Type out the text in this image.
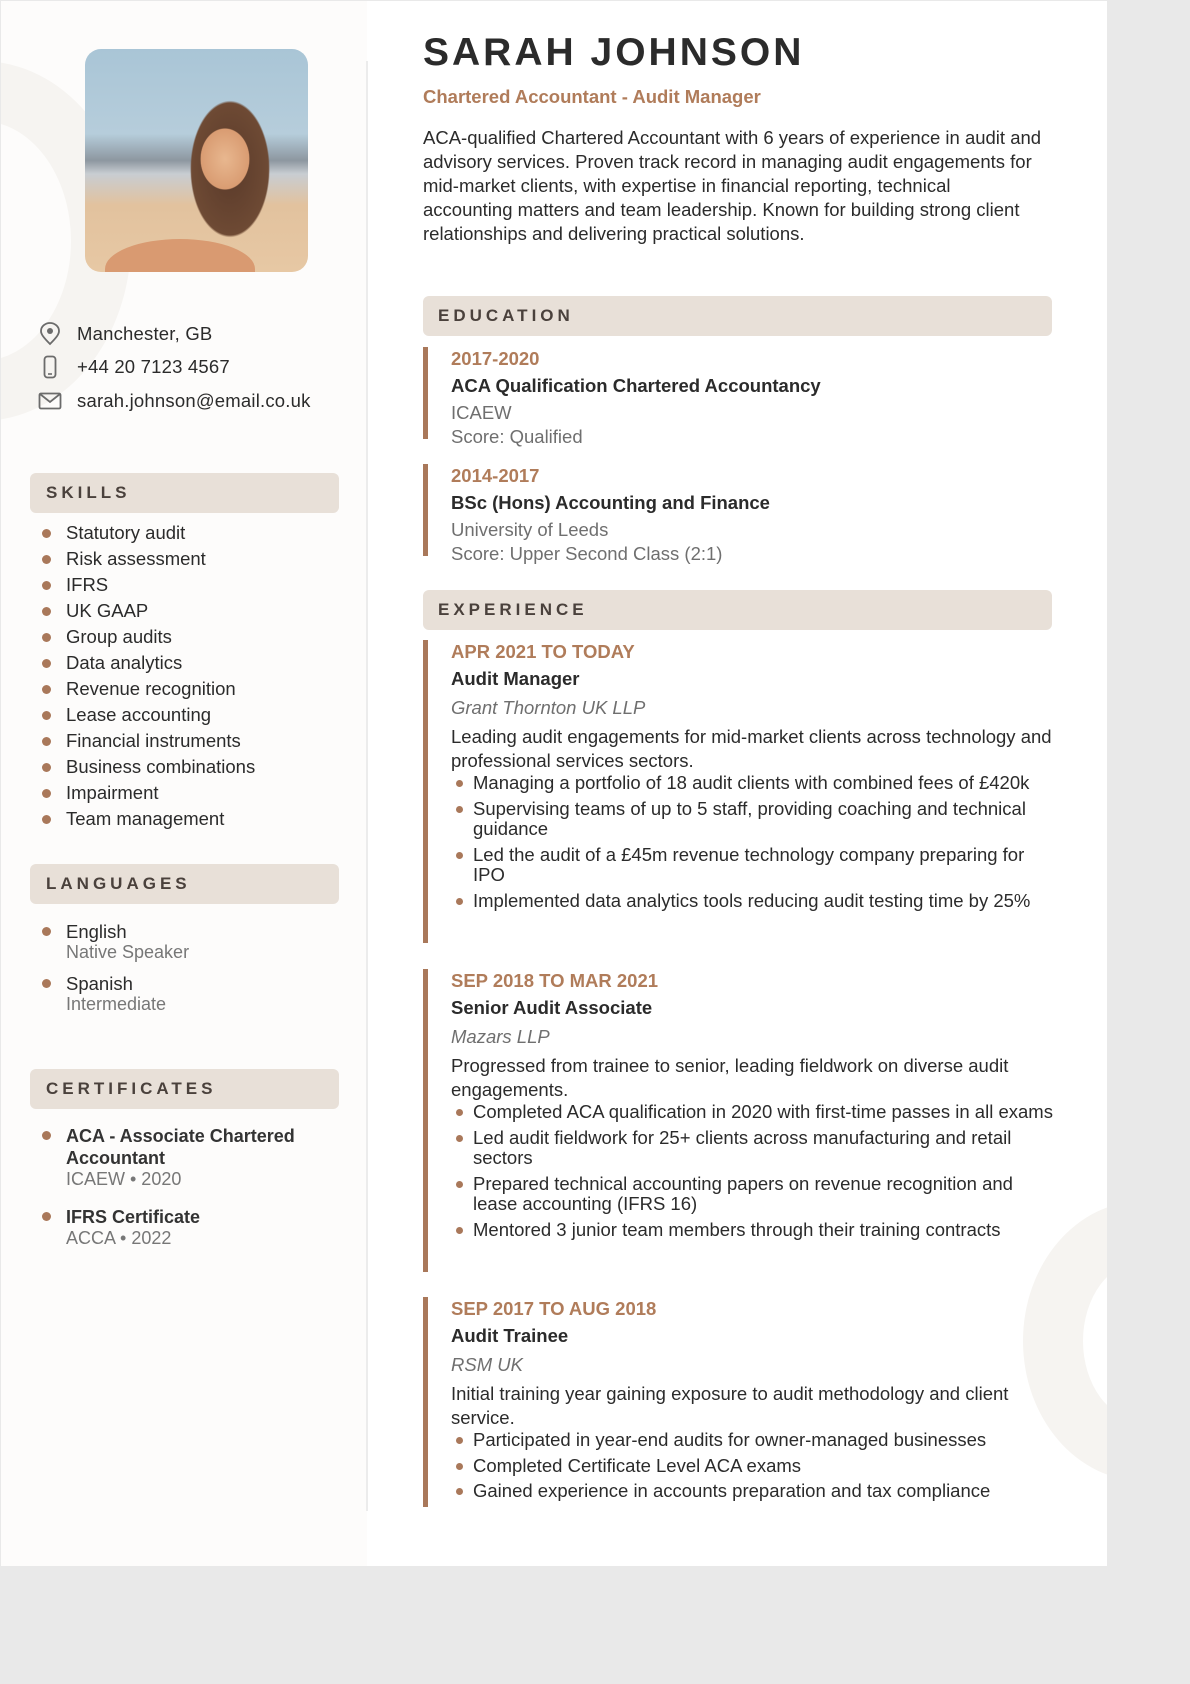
Manchester, GB
+44 20 7123 4567
sarah.johnson@email.co.uk
SKILLS
Statutory audit
Risk assessment
IFRS
UK GAAP
Group audits
Data analytics
Revenue recognition
Lease accounting
Financial instruments
Business combinations
Impairment
Team management
LANGUAGES
English
Native Speaker
Spanish
Intermediate
CERTIFICATES
ACA - Associate Chartered Accountant
ICAEW • 2020
IFRS Certificate
ACCA • 2022
SARAH JOHNSON
Chartered Accountant - Audit Manager

ACA-qualified Chartered Accountant with 6 years of experience in audit and advisory services. Proven track record in managing audit engagements for mid-market clients, with expertise in financial reporting, technical accounting matters and team leadership. Known for building strong client relationships and delivering practical solutions.

EDUCATION
2017-2020
ACA Qualification Chartered Accountancy
ICAEW
Score: Qualified
2014-2017
BSc (Hons) Accounting and Finance
University of Leeds
Score: Upper Second Class (2:1)
EXPERIENCE
APR 2021 TO TODAY
Audit Manager
Grant Thornton UK LLP
Leading audit engagements for mid-market clients across technology and professional services sectors.
Managing a portfolio of 18 audit clients with combined fees of £420k
Supervising teams of up to 5 staff, providing coaching and technical guidance
Led the audit of a £45m revenue technology company preparing for IPO
Implemented data analytics tools reducing audit testing time by 25%
SEP 2018 TO MAR 2021
Senior Audit Associate
Mazars LLP
Progressed from trainee to senior, leading fieldwork on diverse audit engagements.
Completed ACA qualification in 2020 with first-time passes in all exams
Led audit fieldwork for 25+ clients across manufacturing and retail sectors
Prepared technical accounting papers on revenue recognition and lease accounting (IFRS 16)
Mentored 3 junior team members through their training contracts
SEP 2017 TO AUG 2018
Audit Trainee
RSM UK
Initial training year gaining exposure to audit methodology and client service.
Participated in year-end audits for owner-managed businesses
Completed Certificate Level ACA exams
Gained experience in accounts preparation and tax compliance
